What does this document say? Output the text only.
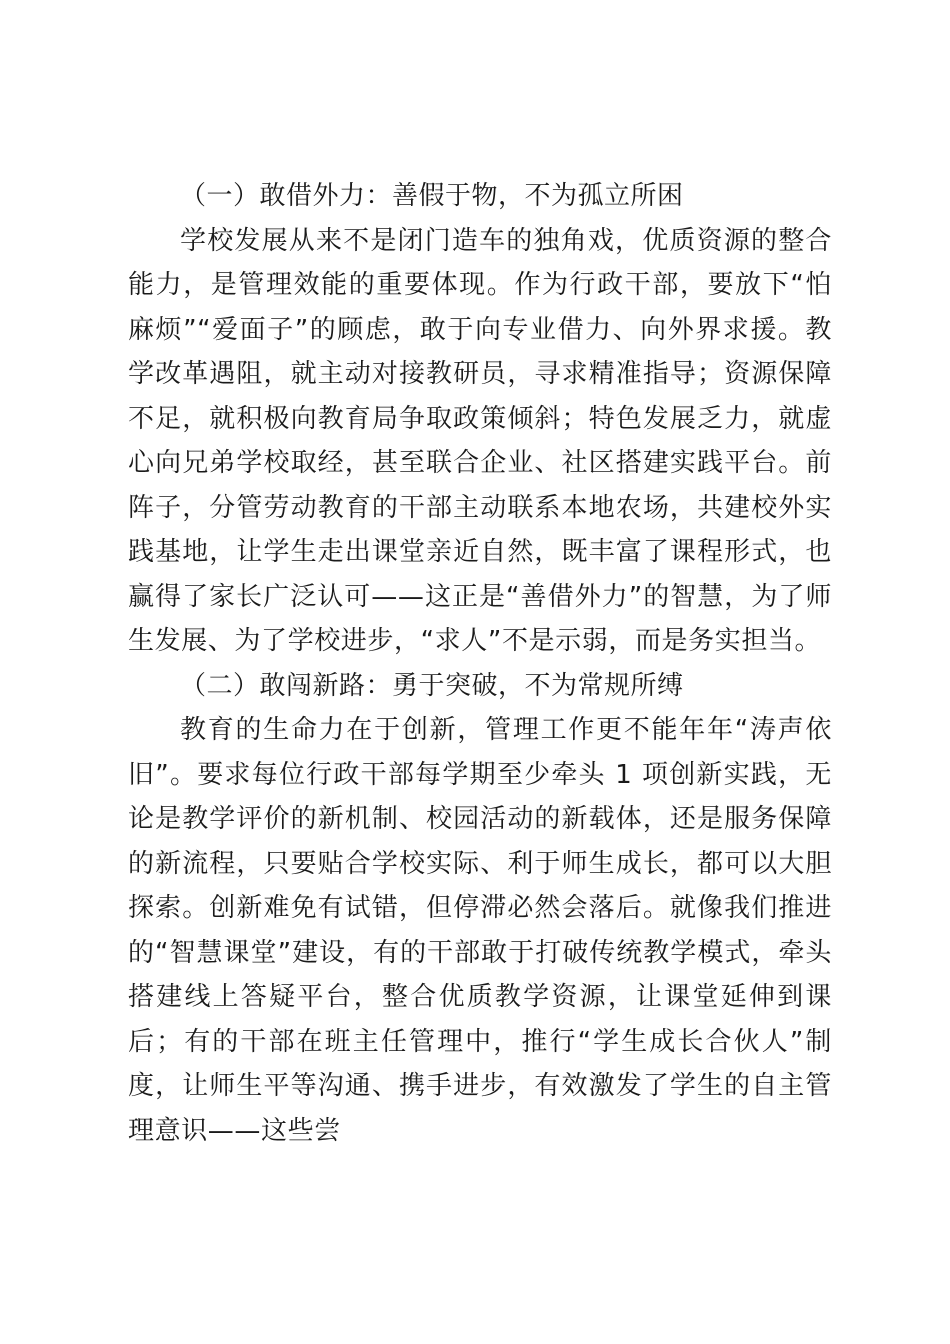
（一）敢借外力：善假于物，不为孤立所困

学校发展从来不是闭门造车的独角戏，优质资源的整合能力，是管理效能的重要体现。作为行政干部，要放下“怕麻烦”“爱面子”的顾虑，敢于向专业借力、向外界求援。教学改革遇阻，就主动对接教研员，寻求精准指导；资源保障不足，就积极向教育局争取政策倾斜；特色发展乏力，就虚心向兄弟学校取经，甚至联合企业、社区搭建实践平台。前阵子，分管劳动教育的干部主动联系本地农场，共建校外实践基地，让学生走出课堂亲近自然，既丰富了课程形式，也赢得了家长广泛认可——这正是“善借外力”的智慧，为了师生发展、为了学校进步，“求人”不是示弱，而是务实担当。

（二）敢闯新路：勇于突破，不为常规所缚

教育的生命力在于创新，管理工作更不能年年“涛声依旧”。要求每位行政干部每学期至少牵头 1 项创新实践，无论是教学评价的新机制、校园活动的新载体，还是服务保障的新流程，只要贴合学校实际、利于师生成长，都可以大胆探索。创新难免有试错，但停滞必然会落后。就像我们推进的“智慧课堂”建设，有的干部敢于打破传统教学模式，牵头搭建线上答疑平台，整合优质教学资源，让课堂延伸到课后；有的干部在班主任管理中，推行“学生成长合伙人”制度，让师生平等沟通、携手进步，有效激发了学生的自主管理意识——这些尝
